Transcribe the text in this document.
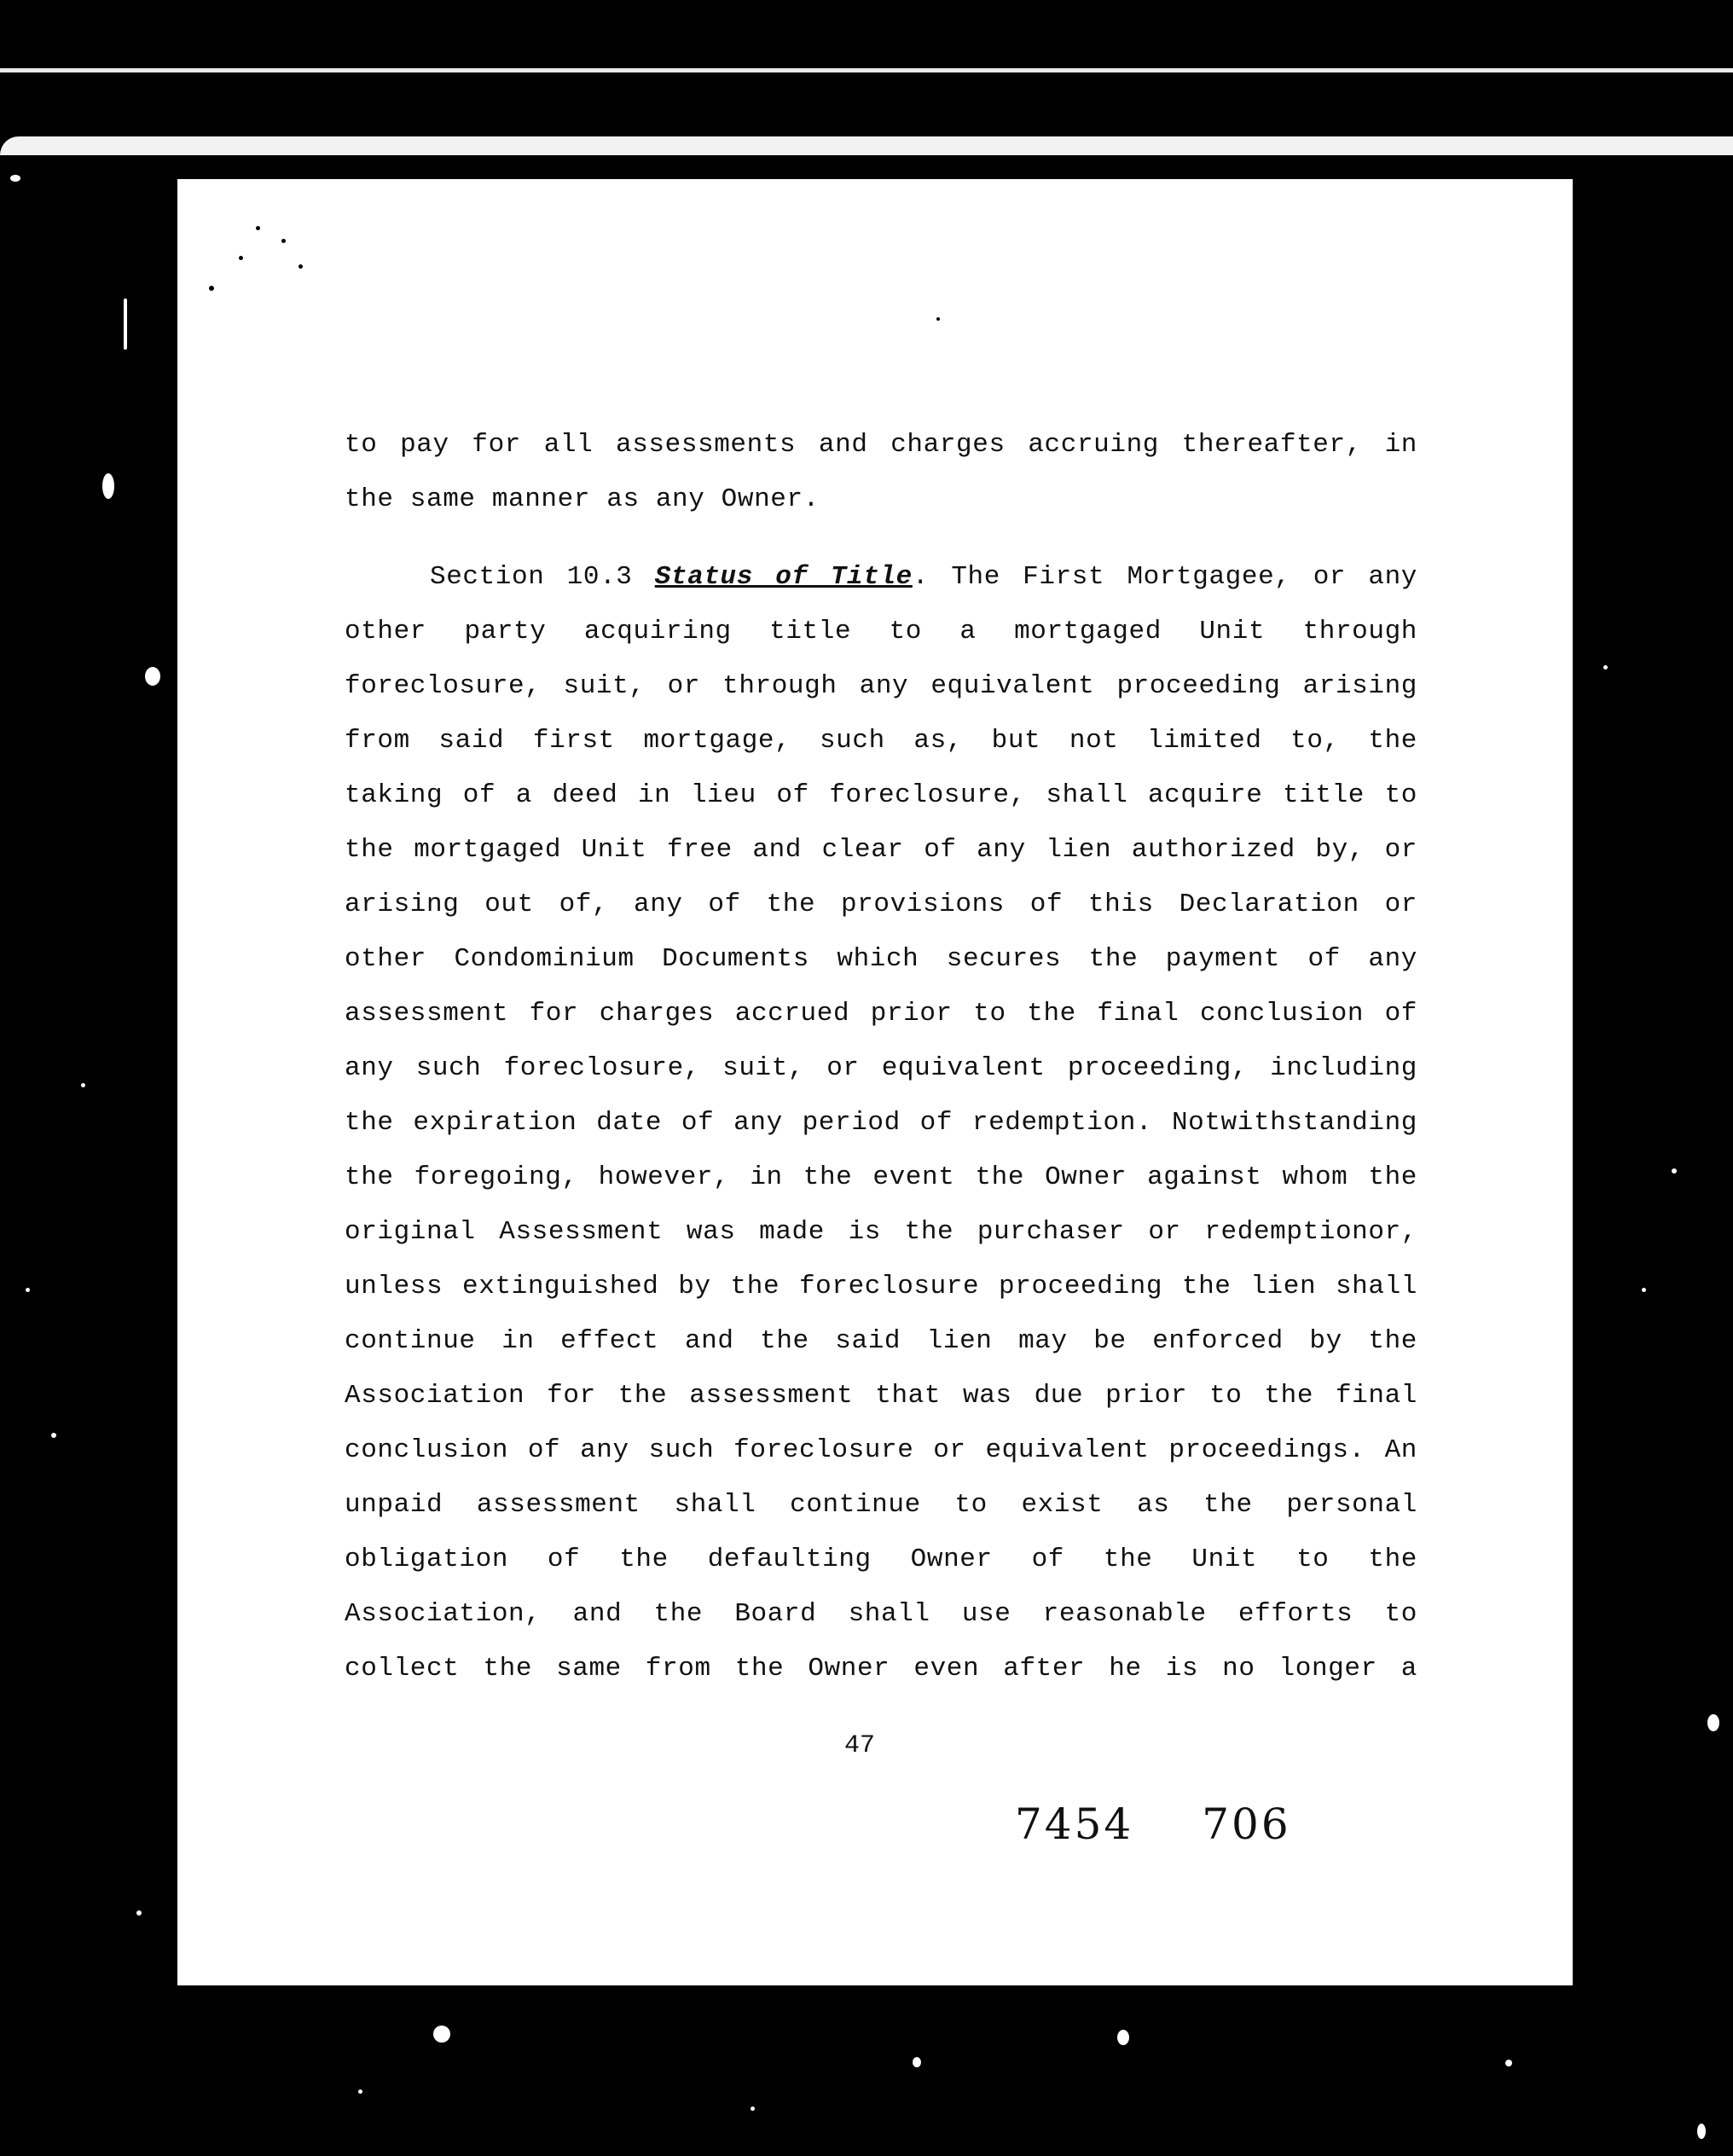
to pay for all assessments and charges accruing thereafter, in
the same manner as any Owner.
Section 10.3 Status of Title. The First Mortgagee, or any
other party acquiring title to a mortgaged Unit through
foreclosure, suit, or through any equivalent proceeding arising
from said first mortgage, such as, but not limited to, the
taking of a deed in lieu of foreclosure, shall acquire title to
the mortgaged Unit free and clear of any lien authorized by, or
arising out of, any of the provisions of this Declaration or
other Condominium Documents which secures the payment of any
assessment for charges accrued prior to the final conclusion of
any such foreclosure, suit, or equivalent proceeding, including
the expiration date of any period of redemption. Notwithstanding
the foregoing, however, in the event the Owner against whom the
original Assessment was made is the purchaser or redemptionor,
unless extinguished by the foreclosure proceeding the lien shall
continue in effect and the said lien may be enforced by the
Association for the assessment that was due prior to the final
conclusion of any such foreclosure or equivalent proceedings. An
unpaid assessment shall continue to exist as the personal
obligation of the defaulting Owner of the Unit to the
Association, and the Board shall use reasonable efforts to
collect the same from the Owner even after he is no longer a
47
7454 706
